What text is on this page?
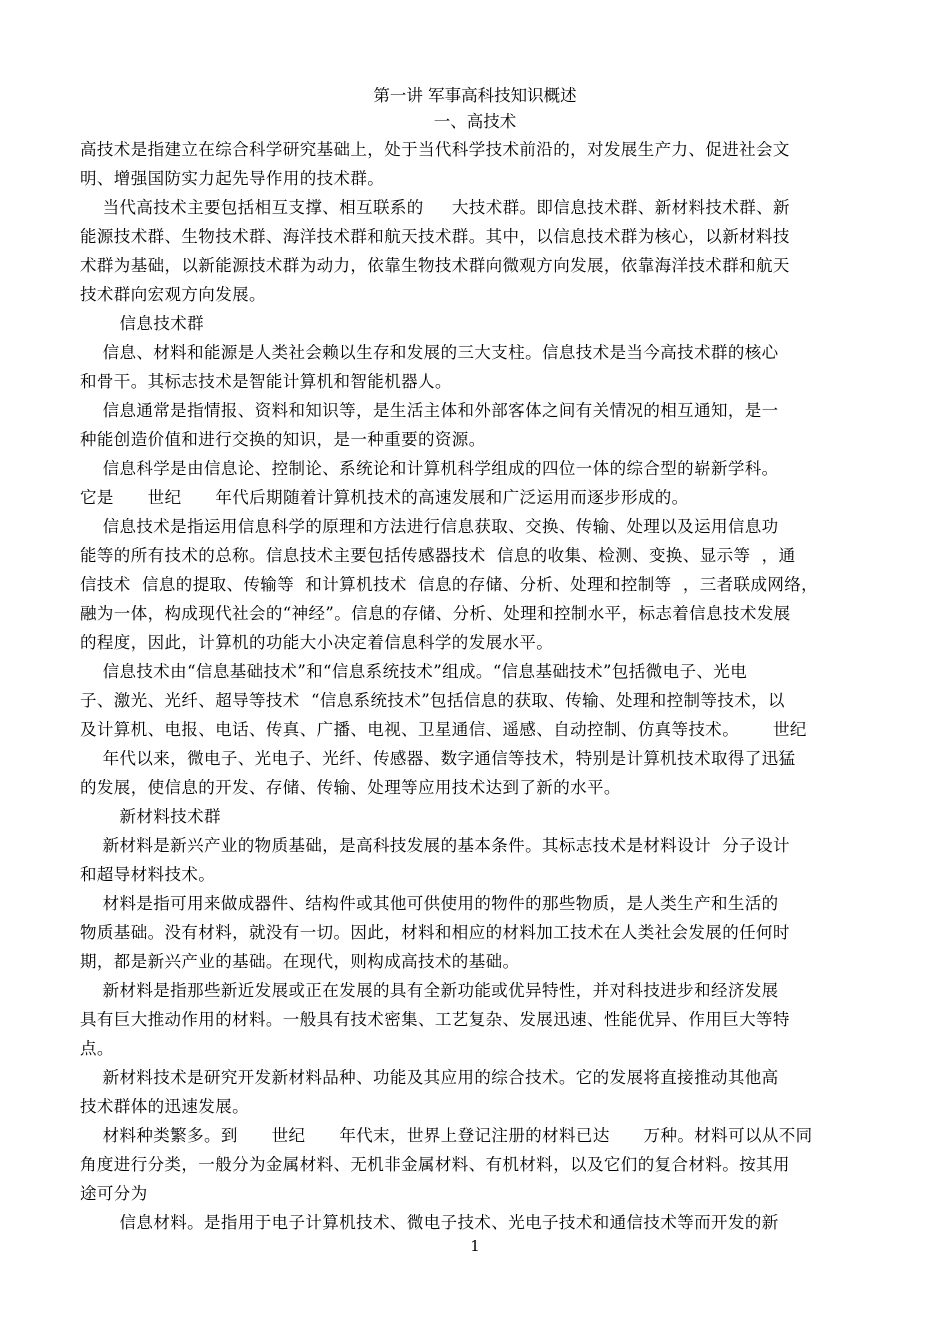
第一讲 军事高科技知识概述
一、高技术
高技术是指建立在综合科学研究基础上，处于当代科学技术前沿的，对发展生产力、促进社会文
明、增强国防实力起先导作用的技术群。
当代高技术主要包括相互支撑、相互联系的     大技术群。即信息技术群、新材料技术群、新
能源技术群、生物技术群、海洋技术群和航天技术群。其中，以信息技术群为核心，以新材料技
术群为基础，以新能源技术群为动力，依靠生物技术群向微观方向发展，依靠海洋技术群和航天
技术群向宏观方向发展。
信息技术群
信息、材料和能源是人类社会赖以生存和发展的三大支柱。信息技术是当今高技术群的核心
和骨干。其标志技术是智能计算机和智能机器人。
信息通常是指情报、资料和知识等，是生活主体和外部客体之间有关情况的相互通知，是一
种能创造价值和进行交换的知识，是一种重要的资源。
信息科学是由信息论、控制论、系统论和计算机科学组成的四位一体的综合型的崭新学科。
它是      世纪      年代后期随着计算机技术的高速发展和广泛运用而逐步形成的。
信息技术是指运用信息科学的原理和方法进行信息获取、交换、传输、处理以及运用信息功
能等的所有技术的总称。信息技术主要包括传感器技术  信息的收集、检测、变换、显示等  ，通
信技术  信息的提取、传输等  和计算机技术  信息的存储、分析、处理和控制等  ，三者联成网络，
融为一体，构成现代社会的“神经”。信息的存储、分析、处理和控制水平，标志着信息技术发展
的程度，因此，计算机的功能大小决定着信息科学的发展水平。
信息技术由“信息基础技术”和“信息系统技术”组成。“信息基础技术”包括微电子、光电
子、激光、光纤、超导等技术  “信息系统技术”包括信息的获取、传输、处理和控制等技术，以
及计算机、电报、电话、传真、广播、电视、卫星通信、遥感、自动控制、仿真等技术。      世纪
年代以来，微电子、光电子、光纤、传感器、数字通信等技术，特别是计算机技术取得了迅猛
的发展，使信息的开发、存储、传输、处理等应用技术达到了新的水平。
新材料技术群
新材料是新兴产业的物质基础，是高科技发展的基本条件。其标志技术是材料设计  分子设计
和超导材料技术。
材料是指可用来做成器件、结构件或其他可供使用的物件的那些物质，是人类生产和生活的
物质基础。没有材料，就没有一切。因此，材料和相应的材料加工技术在人类社会发展的任何时
期，都是新兴产业的基础。在现代，则构成高技术的基础。
新材料是指那些新近发展或正在发展的具有全新功能或优异特性，并对科技进步和经济发展
具有巨大推动作用的材料。一般具有技术密集、工艺复杂、发展迅速、性能优异、作用巨大等特
点。
新材料技术是研究开发新材料品种、功能及其应用的综合技术。它的发展将直接推动其他高
技术群体的迅速发展。
材料种类繁多。到      世纪      年代末，世界上登记注册的材料已达      万种。材料可以从不同
角度进行分类，一般分为金属材料、无机非金属材料、有机材料，以及它们的复合材料。按其用
途可分为
信息材料。是指用于电子计算机技术、微电子技术、光电子技术和通信技术等而开发的新
1
